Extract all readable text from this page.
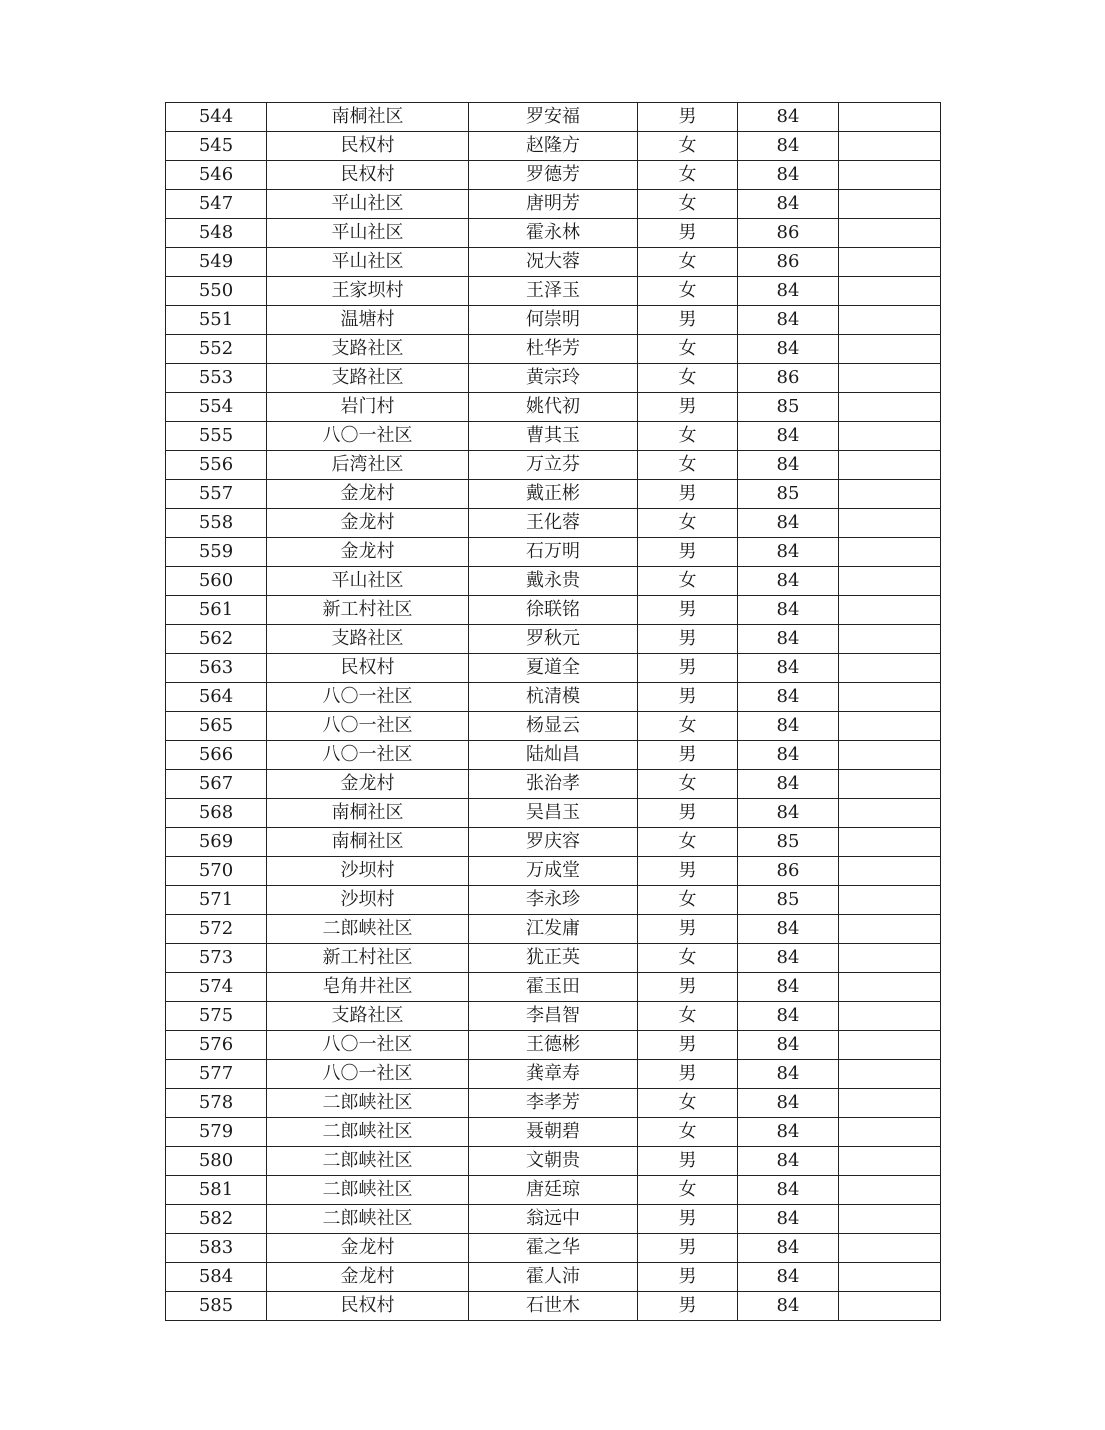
544	南桐社区	罗安福	男	84	
545	民权村	赵隆方	女	84	
546	民权村	罗德芳	女	84	
547	平山社区	唐明芳	女	84	
548	平山社区	霍永林	男	86	
549	平山社区	况大蓉	女	86	
550	王家坝村	王泽玉	女	84	
551	温塘村	何崇明	男	84	
552	支路社区	杜华芳	女	84	
553	支路社区	黄宗玲	女	86	
554	岩门村	姚代初	男	85	
555	八〇一社区	曹其玉	女	84	
556	后湾社区	万立芬	女	84	
557	金龙村	戴正彬	男	85	
558	金龙村	王化蓉	女	84	
559	金龙村	石万明	男	84	
560	平山社区	戴永贵	女	84	
561	新工村社区	徐联铭	男	84	
562	支路社区	罗秋元	男	84	
563	民权村	夏道全	男	84	
564	八〇一社区	杭清模	男	84	
565	八〇一社区	杨显云	女	84	
566	八〇一社区	陆灿昌	男	84	
567	金龙村	张治孝	女	84	
568	南桐社区	吴昌玉	男	84	
569	南桐社区	罗庆容	女	85	
570	沙坝村	万成堂	男	86	
571	沙坝村	李永珍	女	85	
572	二郎峡社区	江发庸	男	84	
573	新工村社区	犹正英	女	84	
574	皂角井社区	霍玉田	男	84	
575	支路社区	李昌智	女	84	
576	八〇一社区	王德彬	男	84	
577	八〇一社区	龚章寿	男	84	
578	二郎峡社区	李孝芳	女	84	
579	二郎峡社区	聂朝碧	女	84	
580	二郎峡社区	文朝贵	男	84	
581	二郎峡社区	唐廷琼	女	84	
582	二郎峡社区	翁远中	男	84	
583	金龙村	霍之华	男	84	
584	金龙村	霍人沛	男	84	
585	民权村	石世木	男	84	
